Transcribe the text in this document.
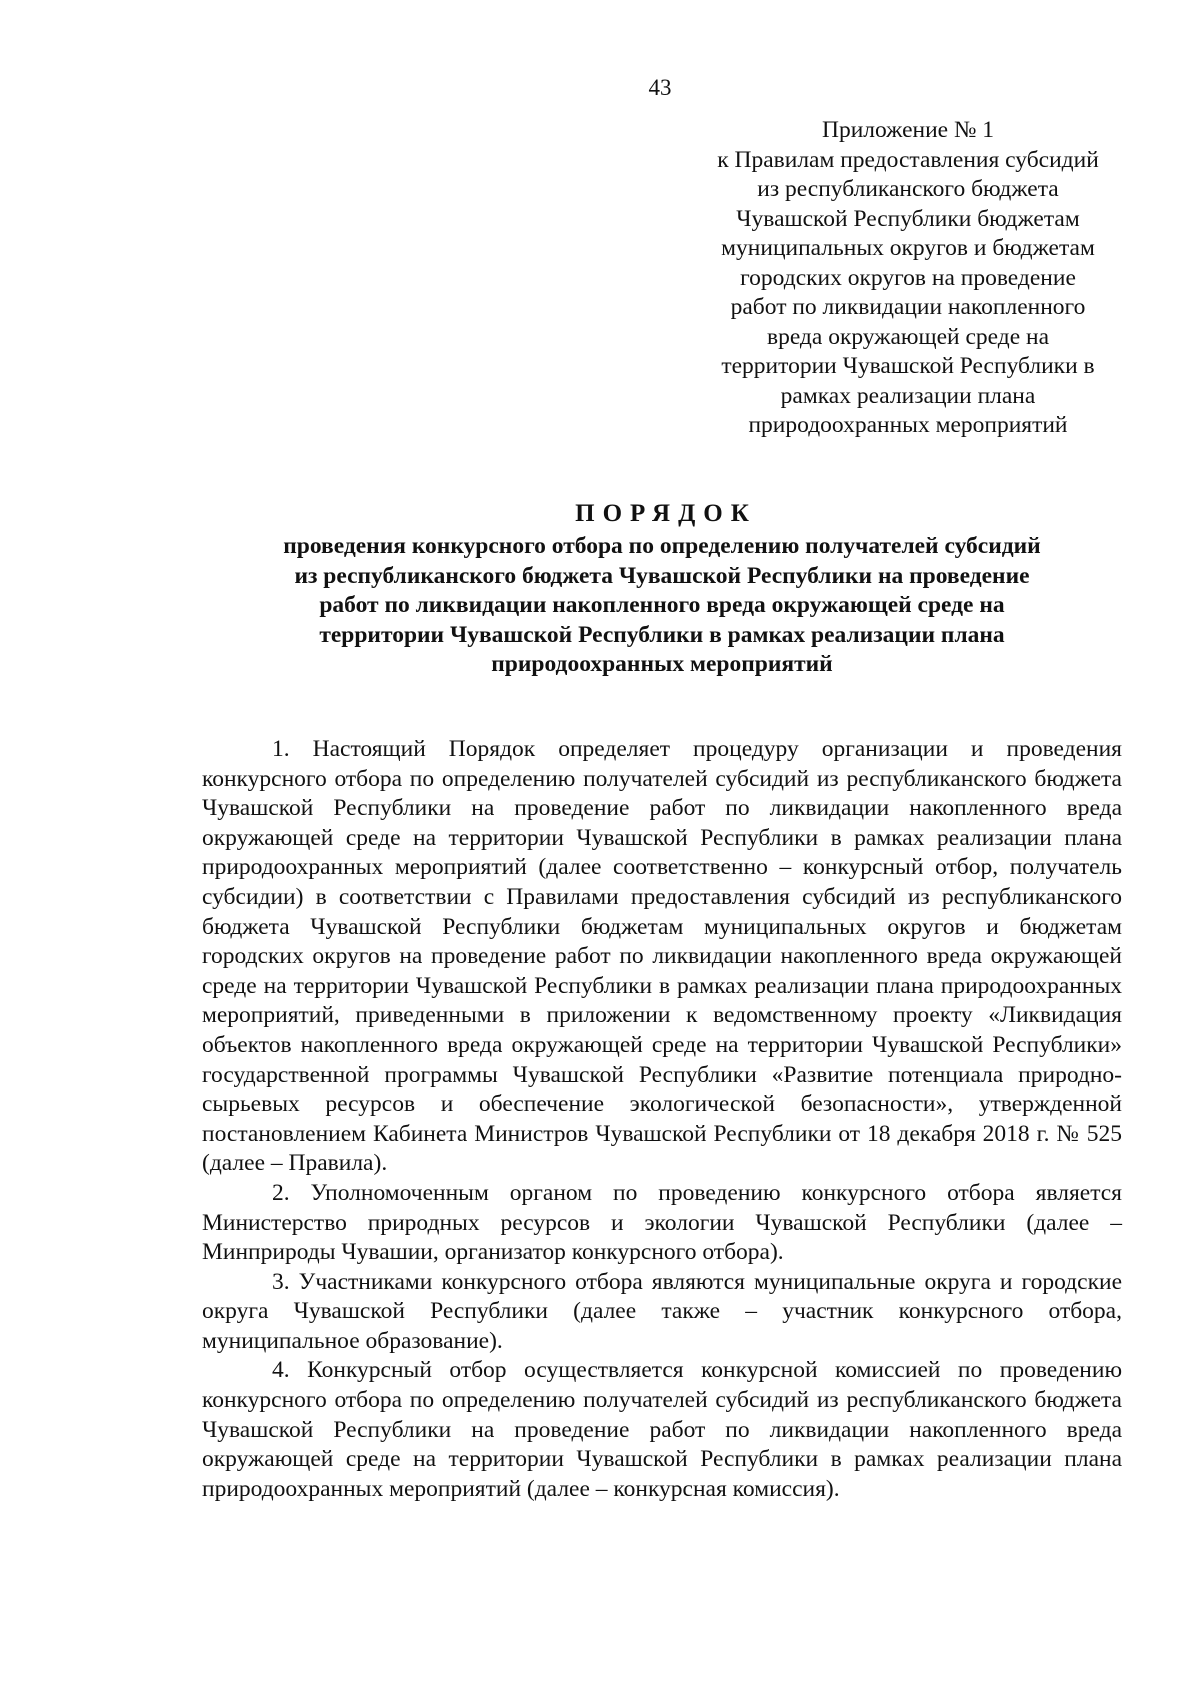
43
Приложение № 1
к Правилам предоставления субсидий
из республиканского бюджета
Чувашской Республики бюджетам
муниципальных округов и бюджетам
городских округов на проведение
работ по ликвидации накопленного
вреда окружающей среде на
территории Чувашской Республики в
рамках реализации плана
природоохранных мероприятий
ПОРЯДОК
проведения конкурсного отбора по определению получателей субсидий
из республиканского бюджета Чувашской Республики на проведение
работ по ликвидации накопленного вреда окружающей среде на
территории Чувашской Республики в рамках реализации плана
природоохранных мероприятий

1. Настоящий Порядок определяет процедуру организации и проведения конкурсного отбора по определению получателей субсидий из республиканского бюджета Чувашской Республики на проведение работ по ликвидации накопленного вреда окружающей среде на территории Чувашской Республики в рамках реализации плана природоохранных мероприятий (далее соответственно – конкурсный отбор, получатель субсидии) в соответствии с Правилами предоставления субсидий из республиканского бюджета Чувашской Республики бюджетам муниципальных округов и бюджетам городских округов на проведение работ по ликвидации накопленного вреда окружающей среде на территории Чувашской Республики в рамках реализации плана природоохранных мероприятий, приведенными в приложении к ведомственному проекту «Ликвидация объектов накопленного вреда окружающей среде на территории Чувашской Республики» государственной программы Чувашской Республики «Развитие потенциала природно-сырьевых ресурсов и обеспечение экологической безопасности», утвержденной постановлением Кабинета Министров Чувашской Республики от 18 декабря 2018 г. № 525 (далее – Правила).

2. Уполномоченным органом по проведению конкурсного отбора является Министерство природных ресурсов и экологии Чувашской Республики (далее – Минприроды Чувашии, организатор конкурсного отбора).

3. Участниками конкурсного отбора являются муниципальные округа и городские округа Чувашской Республики (далее также – участник конкурсного отбора, муниципальное образование).

4. Конкурсный отбор осуществляется конкурсной комиссией по проведению конкурсного отбора по определению получателей субсидий из республиканского бюджета Чувашской Республики на проведение работ по ликвидации накопленного вреда окружающей среде на территории Чувашской Республики в рамках реализации плана природоохранных мероприятий (далее – конкурсная комиссия).
